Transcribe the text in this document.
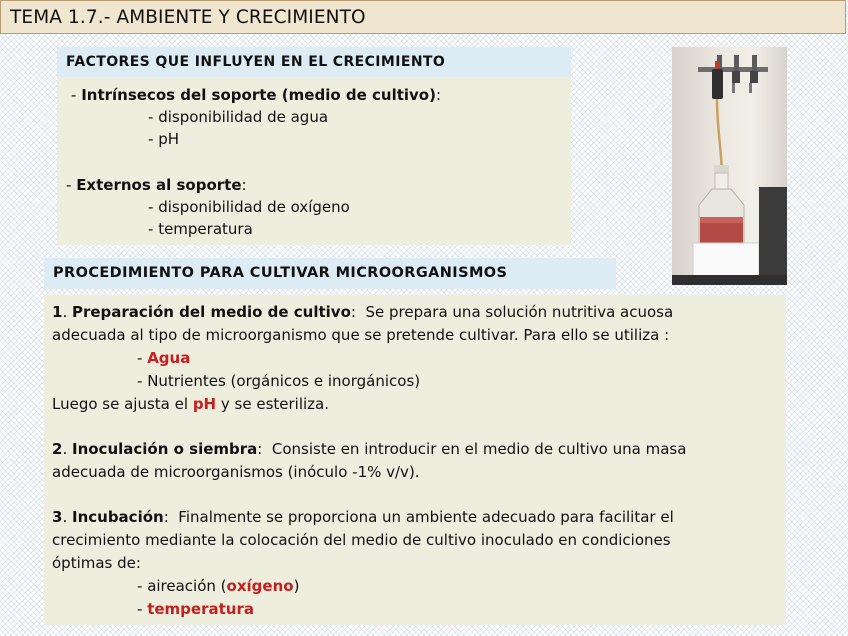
TEMA 1.7.- AMBIENTE Y CRECIMIENTO
FACTORES QUE INFLUYEN EN EL CRECIMIENTO
- Intrínsecos del soporte (medio de cultivo):
- disponibilidad de agua
- pH
- Externos al soporte:
- disponibilidad de oxígeno
- temperatura
PROCEDIMIENTO PARA CULTIVAR MICROORGANISMOS
1. Preparación del medio de cultivo:  Se prepara una solución nutritiva acuosa
adecuada al tipo de microorganismo que se pretende cultivar. Para ello se utiliza :
- Agua
- Nutrientes (orgánicos e inorgánicos)
Luego se ajusta el pH y se esteriliza.
2. Inoculación o siembra:  Consiste en introducir en el medio de cultivo una masa
adecuada de microorganismos (inóculo -1% v/v).
3. Incubación:  Finalmente se proporciona un ambiente adecuado para facilitar el
crecimiento mediante la colocación del medio de cultivo inoculado en condiciones
óptimas de:
- aireación (oxígeno)
- temperatura
